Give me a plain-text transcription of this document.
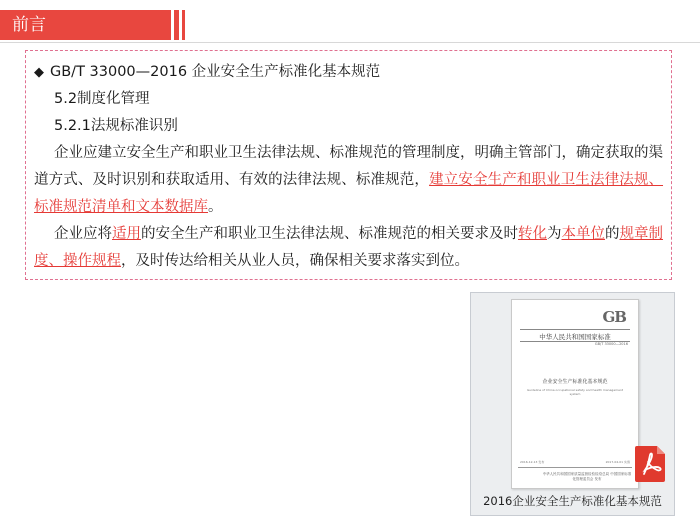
前言

◆ GB/T 33000—2016 企业安全生产标准化基本规范

5.2制度化管理

5.2.1法规标准识别

企业应建立安全生产和职业卫生法律法规、标准规范的管理制度，明确主管部门，确定获取的渠道方式、及时识别和获取适用、有效的法律法规、标准规范，建立安全生产和职业卫生法律法规、标准规范清单和文本数据库。

企业应将适用的安全生产和职业卫生法律法规、标准规范的相关要求及时转化为本单位的规章制度、操作规程，及时传达给相关从业人员，确保相关要求落实到位。

GB
中华人民共和国国家标准
GB/T 33000—2016
企业安全生产标准化基本规范
Guideline of China occupational safety and health management system
2016-12-13 发布	2017-04-01 实施
中华人民共和国国家质量监督检验检疫总局 中国国家标准化管理委员会 发布
2016企业安全生产标准化基本规范
